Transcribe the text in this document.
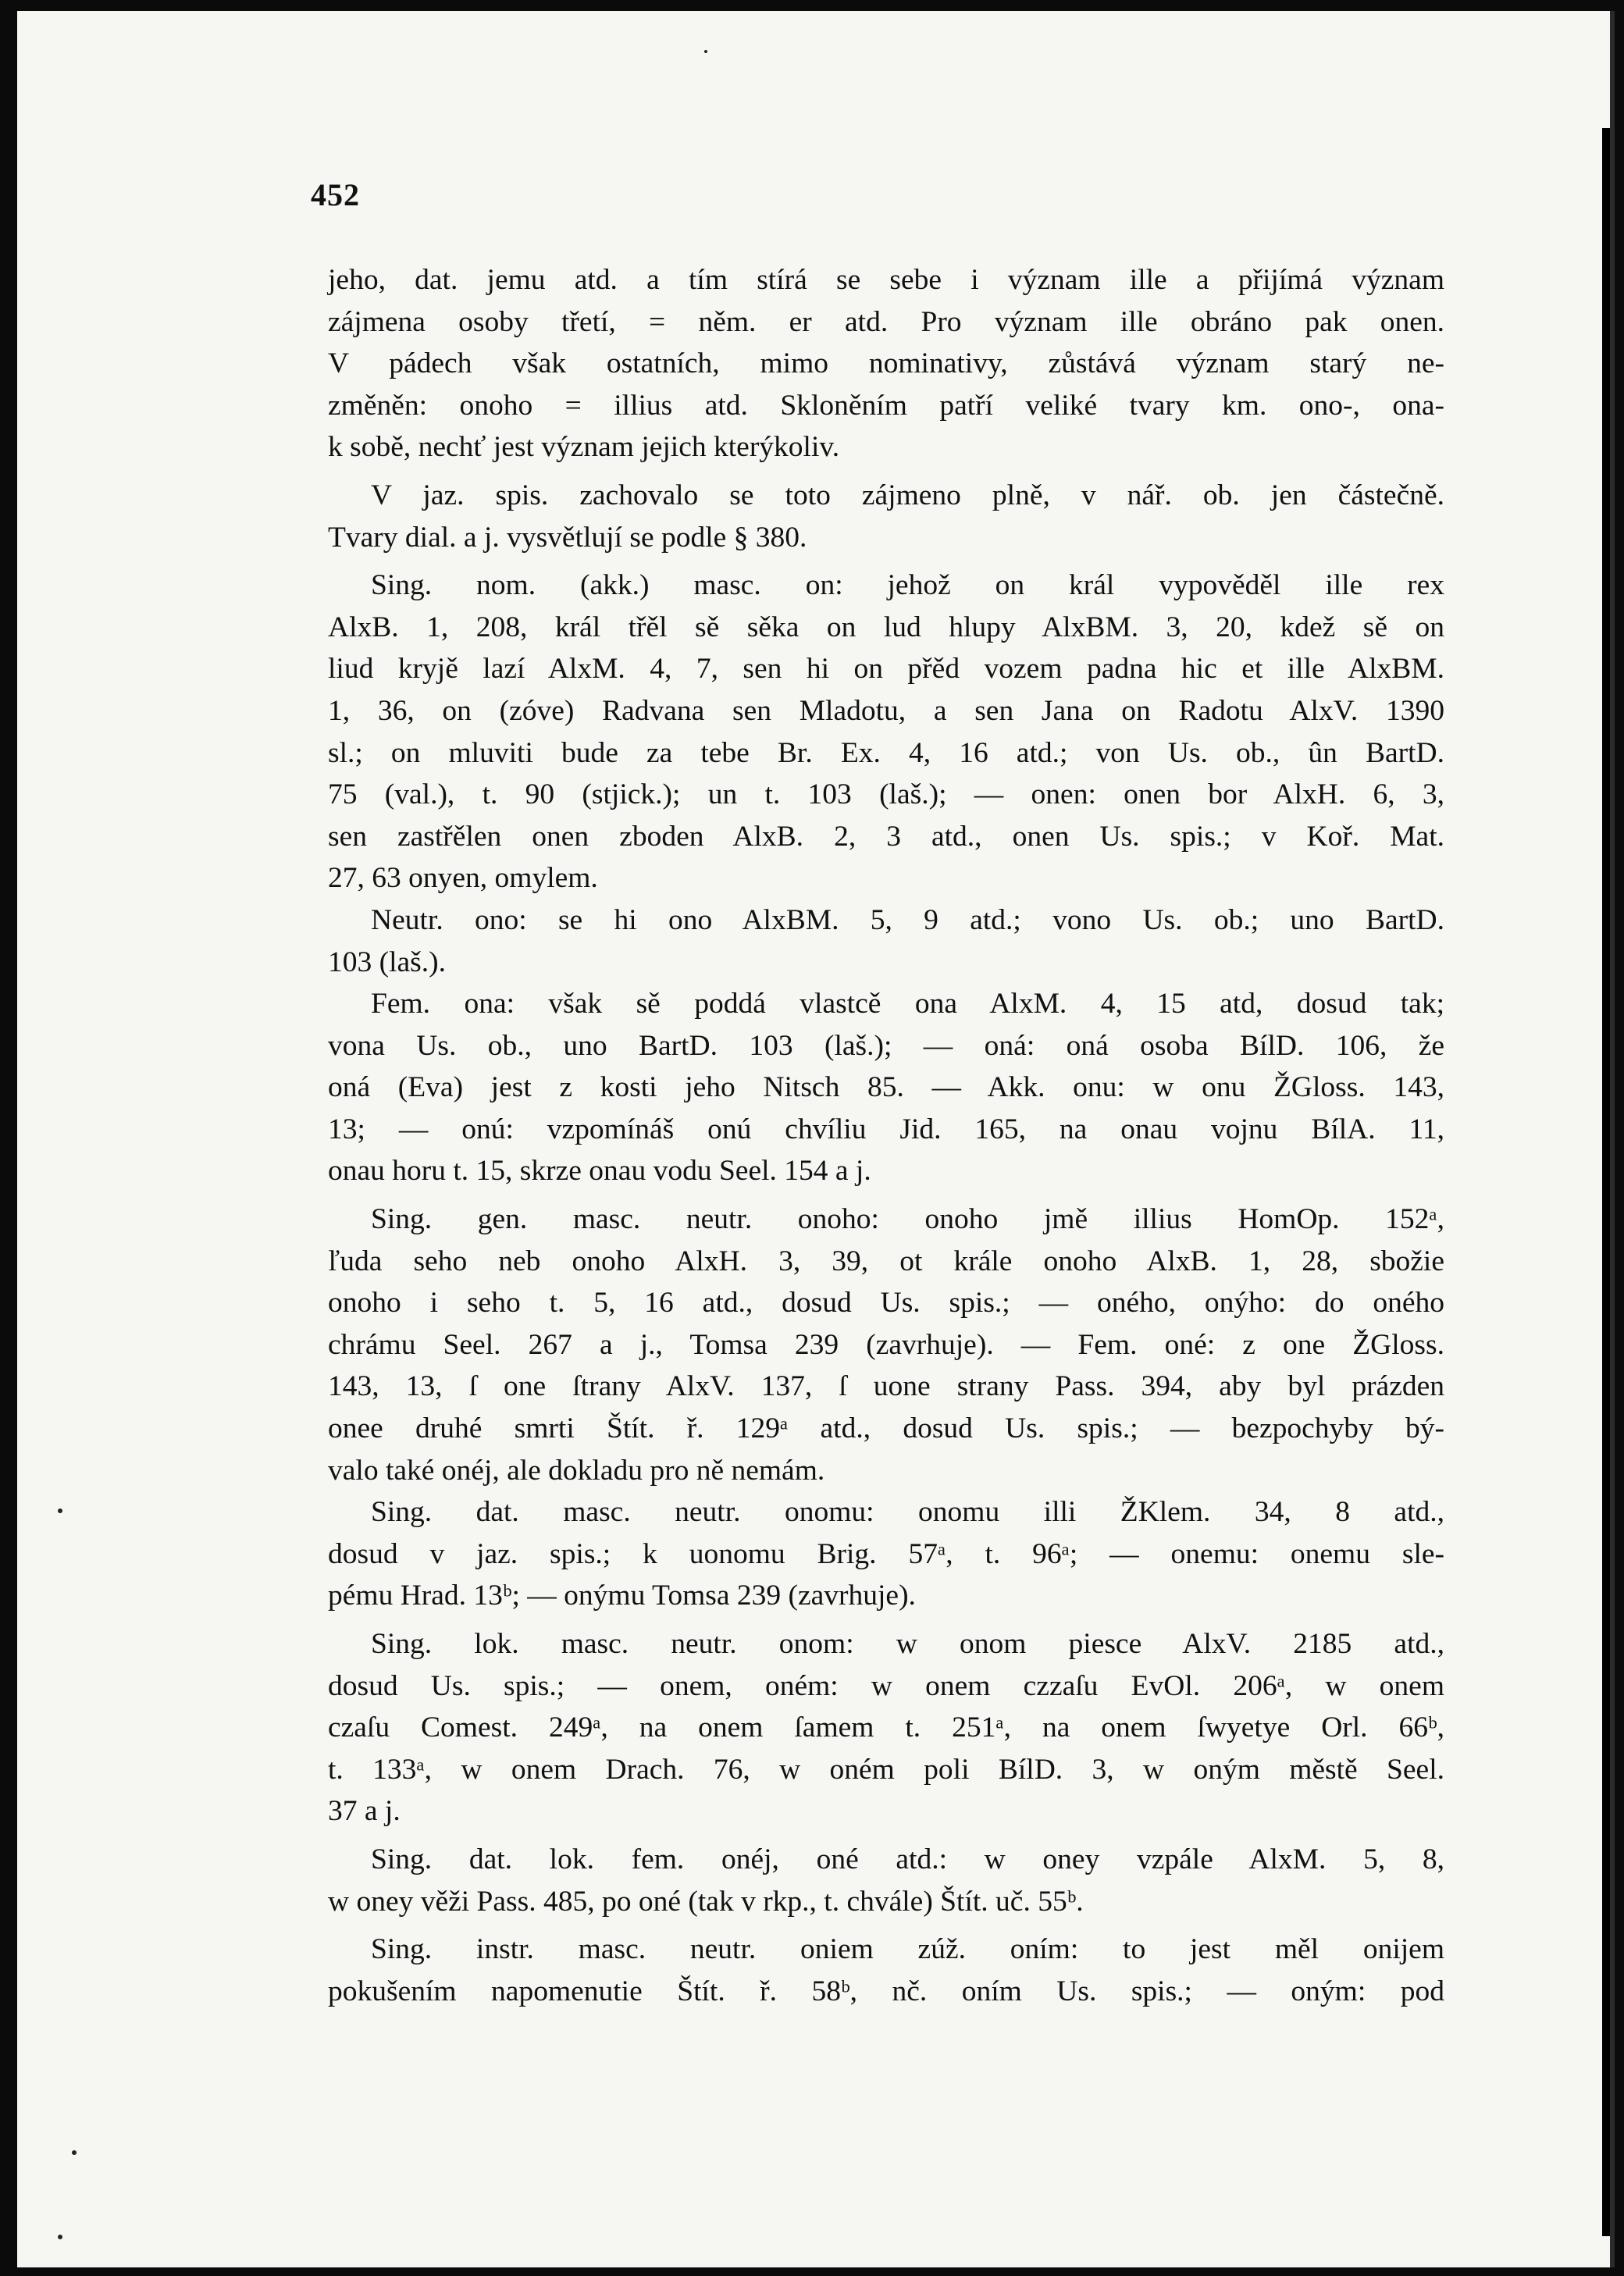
452
jeho, dat. jemu atd. a tím stírá se sebe i význam ille a přijímá význam
zájmena osoby třetí, = něm. er atd. Pro význam ille obráno pak onen.
V pádech však ostatních, mimo nominativy, zůstává význam starý ne-
změněn: onoho = illius atd. Skloněním patří veliké tvary km. ono-, ona-
k sobě, nechť jest význam jejich kterýkoliv.
V jaz. spis. zachovalo se toto zájmeno plně, v nář. ob. jen částečně.
Tvary dial. a j. vysvětlují se podle § 380.
Sing. nom. (akk.) masc. on: jehož on král vypověděl ille rex
AlxB. 1, 208, král třěl sě sěka on lud hlupy AlxBM. 3, 20, kdež sě on
liud kryjě lazí AlxM. 4, 7, sen hi on přěd vozem padna hic et ille AlxBM.
1, 36, on (zóve) Radvana sen Mladotu, a sen Jana on Radotu AlxV. 1390
sl.; on mluviti bude za tebe Br. Ex. 4, 16 atd.; von Us. ob., ûn BartD.
75 (val.), t. 90 (stjick.); un t. 103 (laš.); — onen: onen bor AlxH. 6, 3,
sen zastřělen onen zboden AlxB. 2, 3 atd., onen Us. spis.; v Koř. Mat.
27, 63 onyen, omylem.
Neutr. ono: se hi ono AlxBM. 5, 9 atd.; vono Us. ob.; uno BartD.
103 (laš.).
Fem. ona: však sě poddá vlastcě ona AlxM. 4, 15 atd, dosud tak;
vona Us. ob., uno BartD. 103 (laš.); — oná: oná osoba BílD. 106, že
oná (Eva) jest z kosti jeho Nitsch 85. — Akk. onu: w onu ŽGloss. 143,
13; — onú: vzpomínáš onú chvíliu Jid. 165, na onau vojnu BílA. 11,
onau horu t. 15, skrze onau vodu Seel. 154 a j.
Sing. gen. masc. neutr. onoho: onoho jmě illius HomOp. 152ᵃ,
ľuda seho neb onoho AlxH. 3, 39, ot krále onoho AlxB. 1, 28, sbožie
onoho i seho t. 5, 16 atd., dosud Us. spis.; — oného, onýho: do oného
chrámu Seel. 267 a j., Tomsa 239 (zavrhuje). — Fem. oné: z one ŽGloss.
143, 13, ſ one ſtrany AlxV. 137, ſ uone strany Pass. 394, aby byl prázden
onee druhé smrti Štít. ř. 129ᵃ atd., dosud Us. spis.; — bezpochyby bý-
valo také onéj, ale dokladu pro ně nemám.
Sing. dat. masc. neutr. onomu: onomu illi ŽKlem. 34, 8 atd.,
dosud v jaz. spis.; k uonomu Brig. 57ᵃ, t. 96ᵃ; — onemu: onemu sle-
pému Hrad. 13ᵇ; — onýmu Tomsa 239 (zavrhuje).
Sing. lok. masc. neutr. onom: w onom piesce AlxV. 2185 atd.,
dosud Us. spis.; — onem, oném: w onem czzaſu EvOl. 206ᵃ, w onem
czaſu Comest. 249ᵃ, na onem ſamem t. 251ᵃ, na onem ſwyetye Orl. 66ᵇ,
t. 133ᵃ, w onem Drach. 76, w oném poli BílD. 3, w oným městě Seel.
37 a j.
Sing. dat. lok. fem. onéj, oné atd.: w oney vzpále AlxM. 5, 8,
w oney věži Pass. 485, po oné (tak v rkp., t. chvále) Štít. uč. 55ᵇ.
Sing. instr. masc. neutr. oniem zúž. oním: to jest měl onijem
pokušením napomenutie Štít. ř. 58ᵇ, nč. oním Us. spis.; — oným: pod
